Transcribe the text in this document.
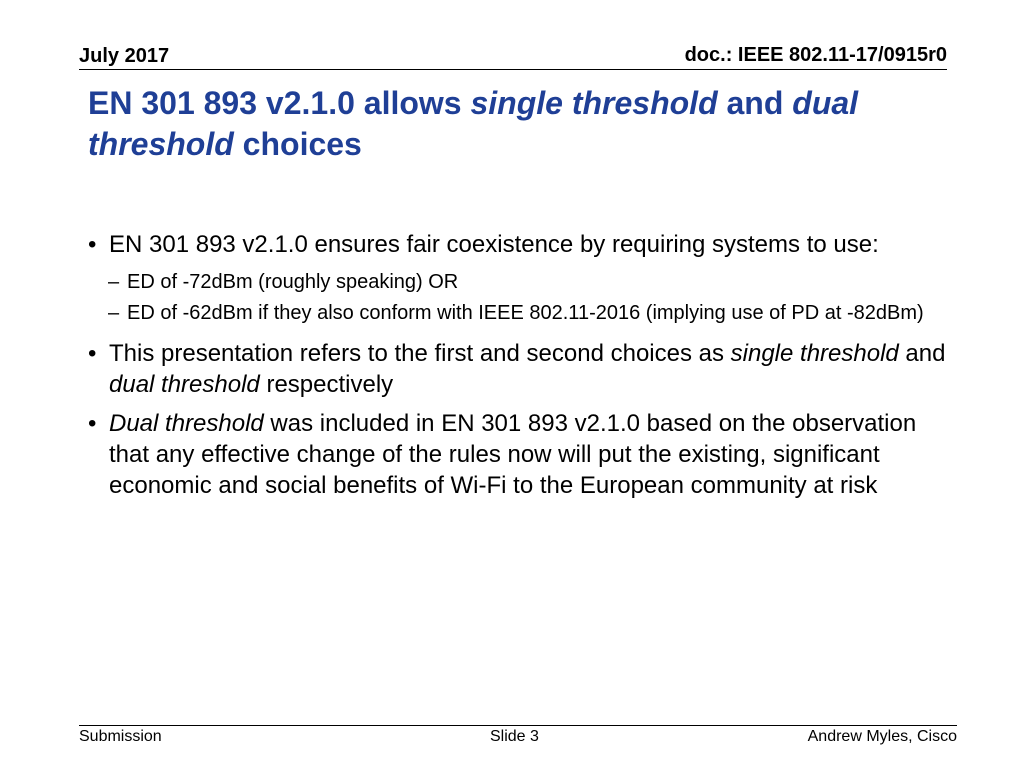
July 2017	doc.: IEEE 802.11-17/0915r0
EN 301 893 v2.1.0 allows single threshold and dual threshold choices
• EN 301 893 v2.1.0 ensures fair coexistence by requiring systems to use:
– ED of -72dBm (roughly speaking) OR
– ED of -62dBm if they also conform with IEEE 802.11-2016 (implying use of PD at -82dBm)
• This presentation refers to the first and second choices as single threshold and dual threshold respectively
• Dual threshold was included in EN 301 893 v2.1.0 based on the observation that any effective change of the rules now will put the existing, significant economic and social benefits of Wi-Fi to the European community at risk
Submission	Slide 3	Andrew Myles, Cisco
